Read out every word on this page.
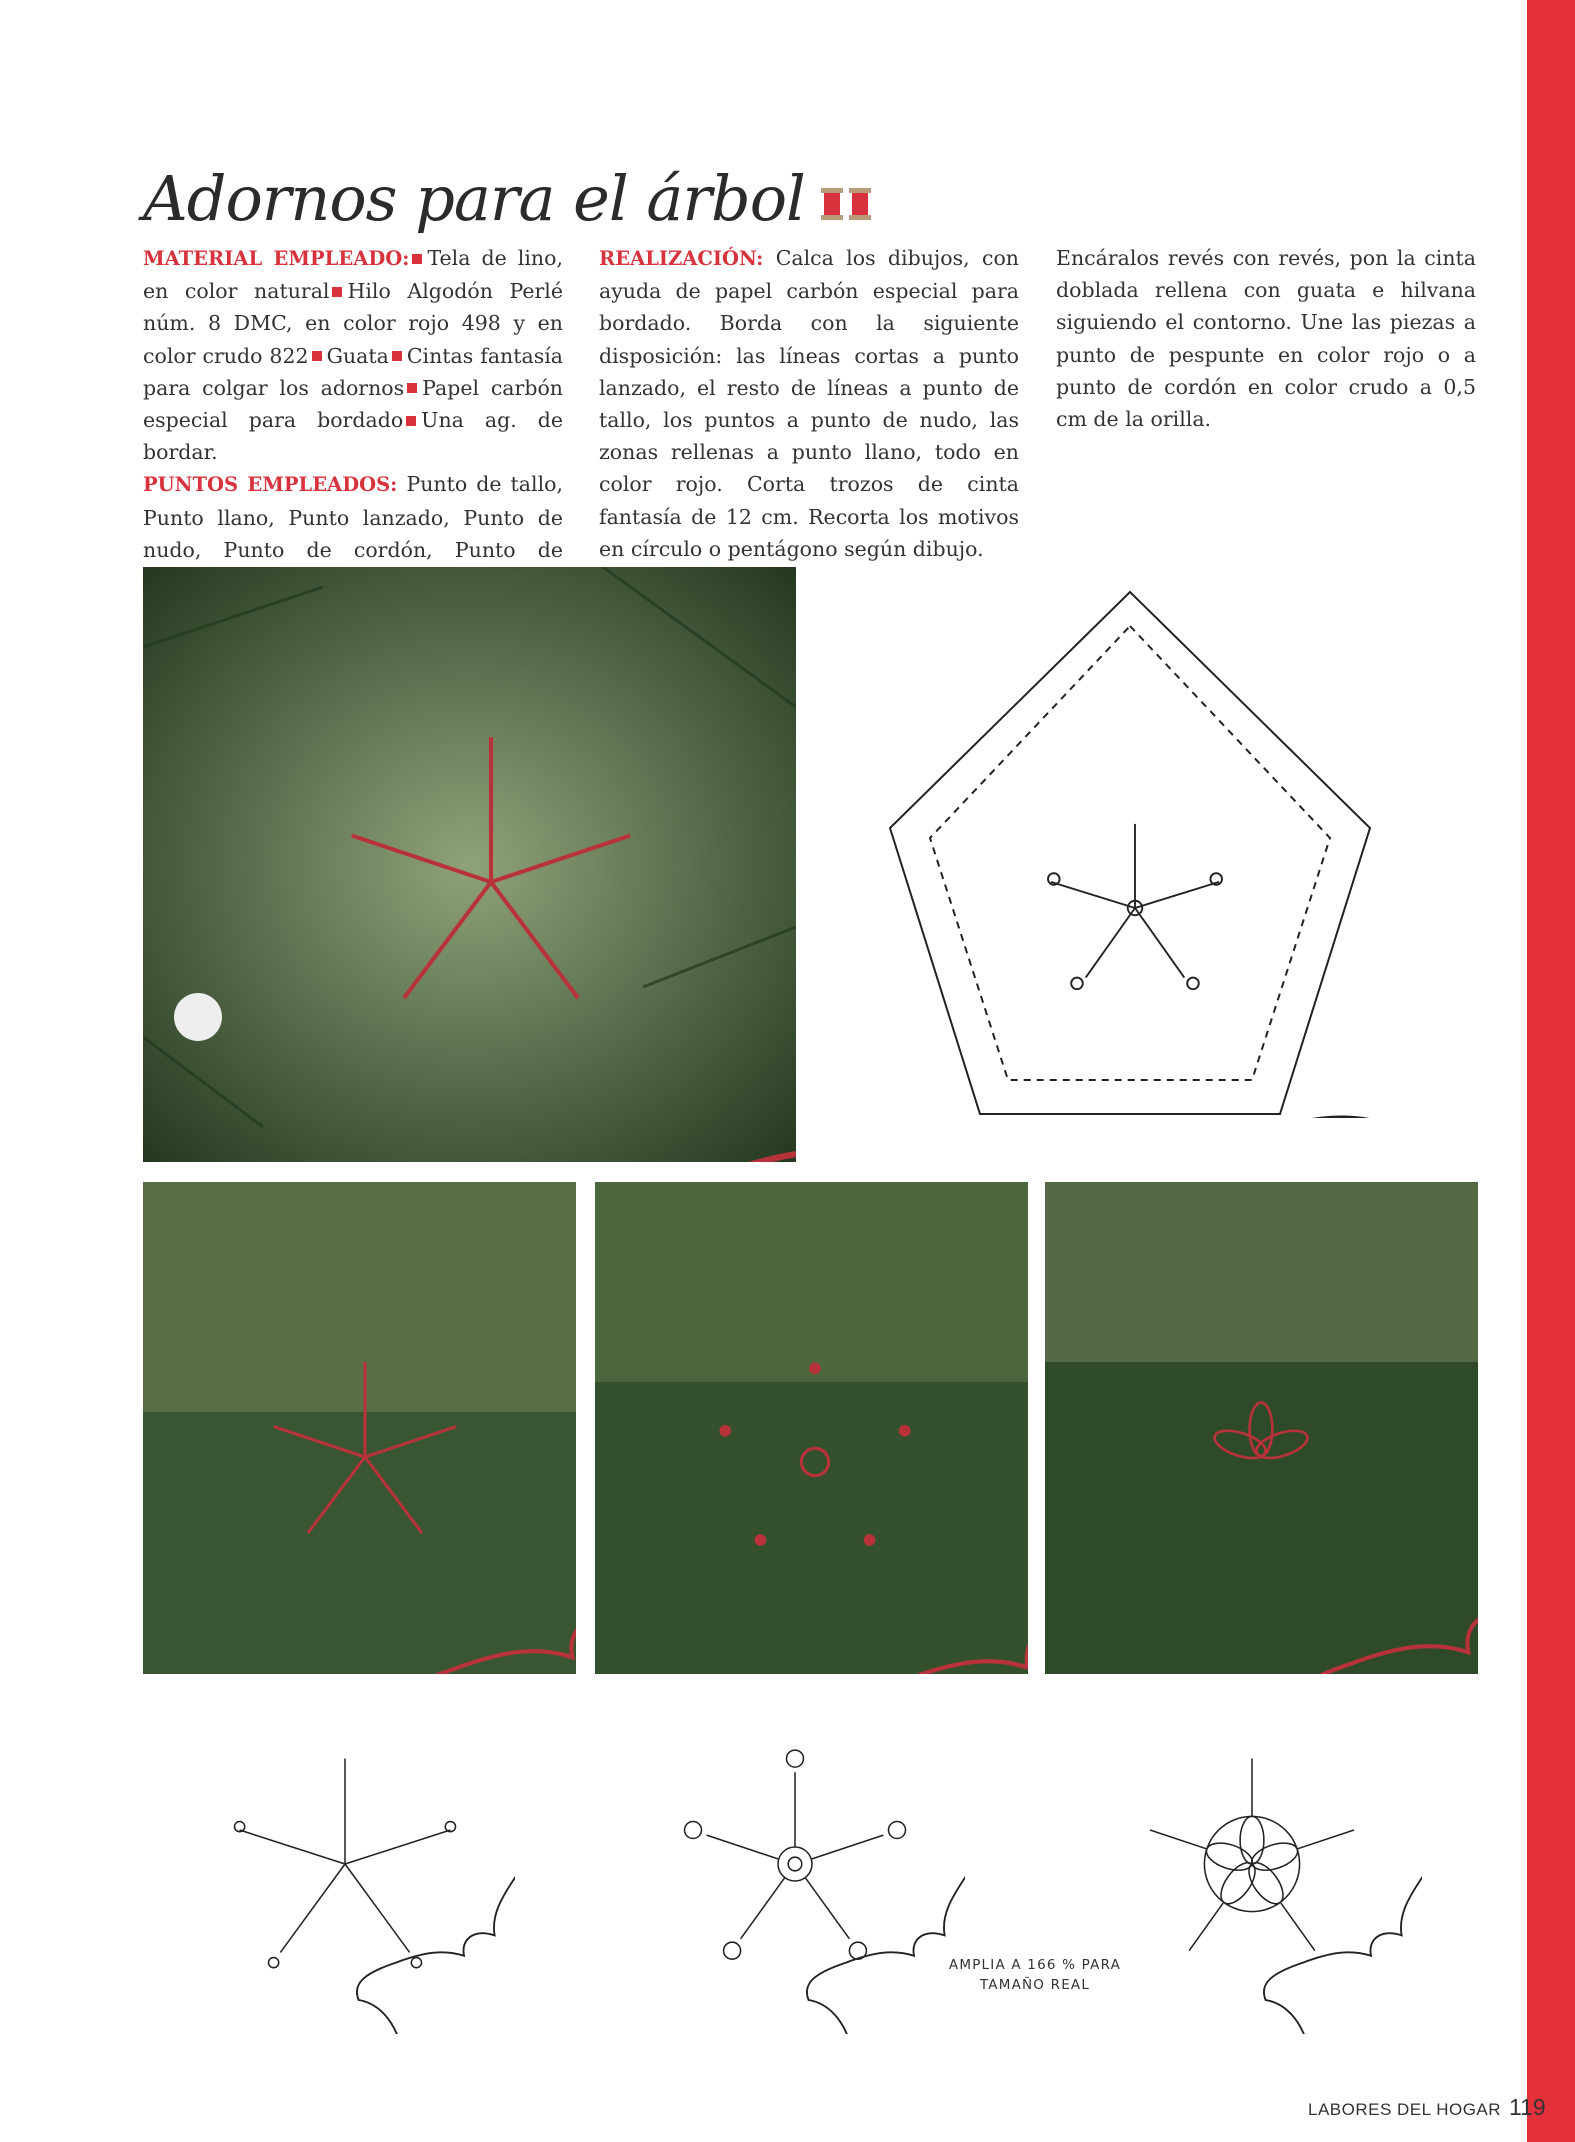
Adornos para el árbol

MATERIAL EMPLEADO: Tela de lino, en color natural Hilo Algodón Perlé núm. 8 DMC, en color rojo 498 y en color crudo 822 Guata Cintas fantasía para colgar los adornos Papel carbón especial para bordado Una ag. de bordar.

PUNTOS EMPLEADOS: Punto de tallo, Punto llano, Punto lanzado, Punto de nudo, Punto de cordón, Punto de

REALIZACIÓN: Calca los dibujos, con ayuda de papel carbón especial para bordado. Borda con la siguiente disposición: las líneas cortas a punto lanzado, el resto de líneas a punto de tallo, los puntos a punto de nudo, las zonas rellenas a punto llano, todo en color rojo. Corta trozos de cinta fantasía de 12 cm. Recorta los motivos en círculo o pentágono según dibujo.

Encáralos revés con revés, pon la cinta doblada rellena con guata e hilvana siguiendo el contorno. Une las piezas a punto de pespunte en color rojo o a punto de cordón en color crudo a 0,5 cm de la orilla.

AMPLIA A 166 % PARA
TAMAÑO REAL
LABORES DEL HOGAR 119
